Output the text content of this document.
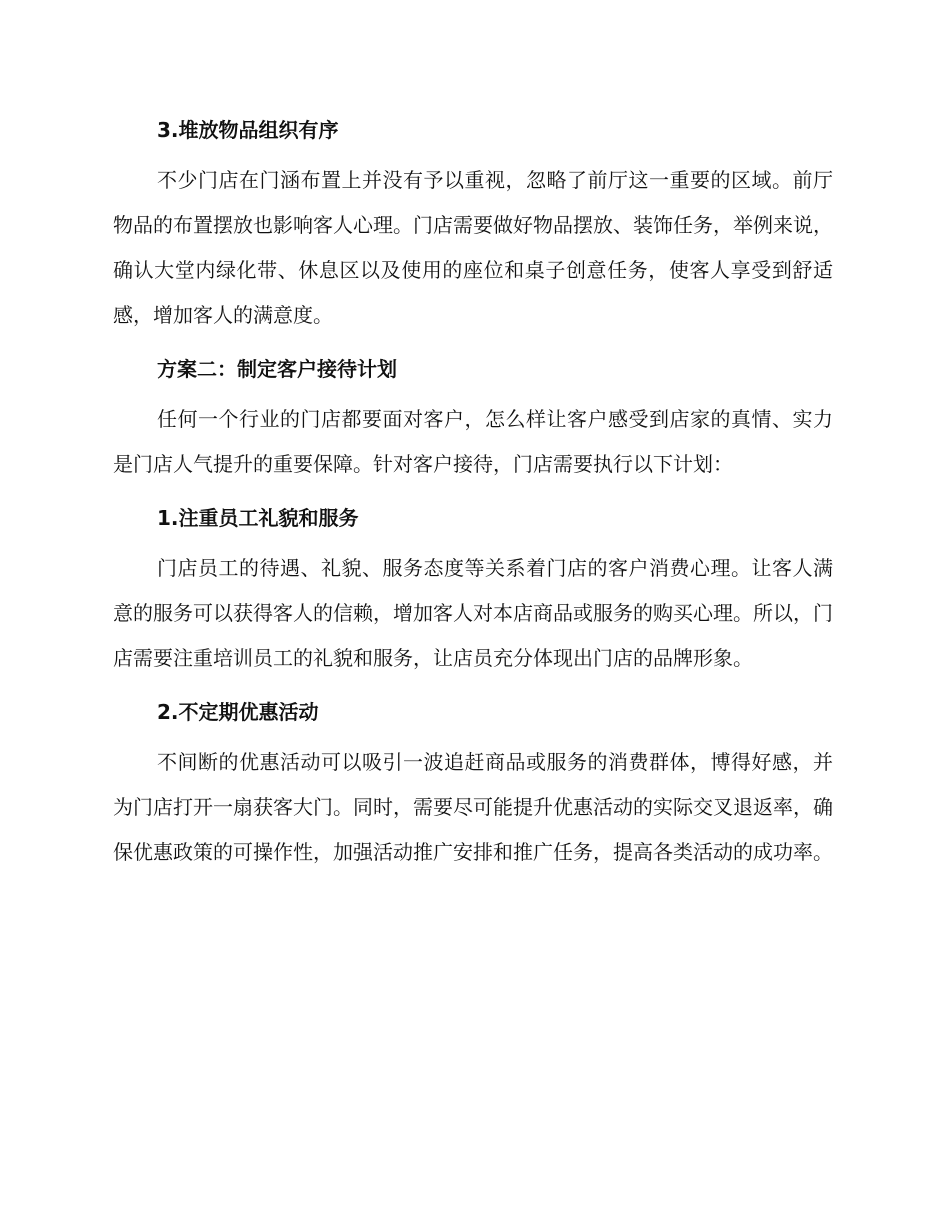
3.堆放物品组织有序

不少门店在门涵布置上并没有予以重视，忽略了前厅这一重要的区域。前厅物品的布置摆放也影响客人心理。门店需要做好物品摆放、装饰任务，举例来说，确认大堂内绿化带、休息区以及使用的座位和桌子创意任务，使客人享受到舒适感，增加客人的满意度。

方案二：制定客户接待计划

任何一个行业的门店都要面对客户，怎么样让客户感受到店家的真情、实力是门店人气提升的重要保障。针对客户接待，门店需要执行以下计划：

1.注重员工礼貌和服务

门店员工的待遇、礼貌、服务态度等关系着门店的客户消费心理。让客人满意的服务可以获得客人的信赖，增加客人对本店商品或服务的购买心理。所以，门店需要注重培训员工的礼貌和服务，让店员充分体现出门店的品牌形象。

2.不定期优惠活动

不间断的优惠活动可以吸引一波追赶商品或服务的消费群体，博得好感，并为门店打开一扇获客大门。同时，需要尽可能提升优惠活动的实际交叉退返率，确保优惠政策的可操作性，加强活动推广安排和推广任务，提高各类活动的成功率。
